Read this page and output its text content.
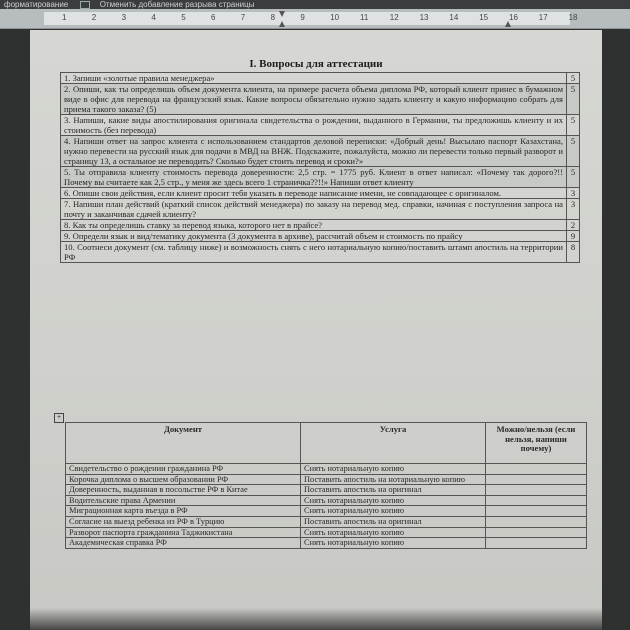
форматирование	Отменить добавление разрыва страницы
1	2	3	4	5	6	7	8	9	10	11	12	13	14	15	16	17	18
I. Вопросы для аттестации
1. Запиши «золотые правила менеджера»	5
2. Опиши, как ты определишь объем документа клиента, на примере расчета объема диплома РФ, который клиент принес в бумажном виде в офис для перевода на французский язык. Какие вопросы обязательно нужно задать клиенту и какую информацию собрать для приема такого заказа? (5)	5
3. Напиши, какие виды апостилирования оригинала свидетельства о рождении, выданного в Германии, ты предложишь клиенту и их стоимость (без перевода)	5
4. Напиши ответ на запрос клиента с использованием стандартов деловой переписки: «Добрый день! Высылаю паспорт Казахстана, нужно перевести на русский язык для подачи в МВД на ВНЖ. Подскажите, пожалуйста, можно ли перевести только первый разворот и страницу 13, а остальное не переводить? Сколько будет стоить перевод и сроки?»	5
5. Ты отправила клиенту стоимость перевода доверенности: 2,5 стр. = 1775 руб. Клиент в ответ написал: «Почему так дорого?!! Почему вы считаете как 2,5 стр., у меня же здесь всего 1 страничка??!!» Напиши ответ клиенту	5
6. Опиши свои действия, если клиент просит тебя указать в переводе написание имени, не совпадающее с оригиналом.	3
7. Напиши план действий (краткий список действий менеджера) по заказу на перевод мед. справки, начиная с поступления запроса на почту и заканчивая сдачей клиенту?	3
8. Как ты определишь ставку за перевод языка, которого нет в прайсе?	2
9. Определи язык и вид/тематику документа (3 документа в архиве), рассчитай объем и стоимость по прайсу	9
10. Соотнеси документ (см. таблицу ниже) и возможность снять с него нотариальную копию/поставить штамп апостиль на территории РФ	8
+
Документ	Услуга	Можно/нельзя (если нельзя, напиши почему)
Свидетельство о рождении гражданина РФ	Снять нотариальную копию	
Корочка диплома о высшем образовании РФ	Поставить апостиль на нотариальную копию	
Доверенность, выданная в посольстве РФ в Китае	Поставить апостиль на оригинал	
Водительские права Армении	Снять нотариальную копию	
Миграционная карта въезда в РФ	Снять нотариальную копию	
Согласие на выезд ребенка из РФ в Турцию	Поставить апостиль на оригинал	
Разворот паспорта гражданина Таджикистана	Снять нотариальную копию	
Академическая справка РФ	Снять нотариальную копию	
